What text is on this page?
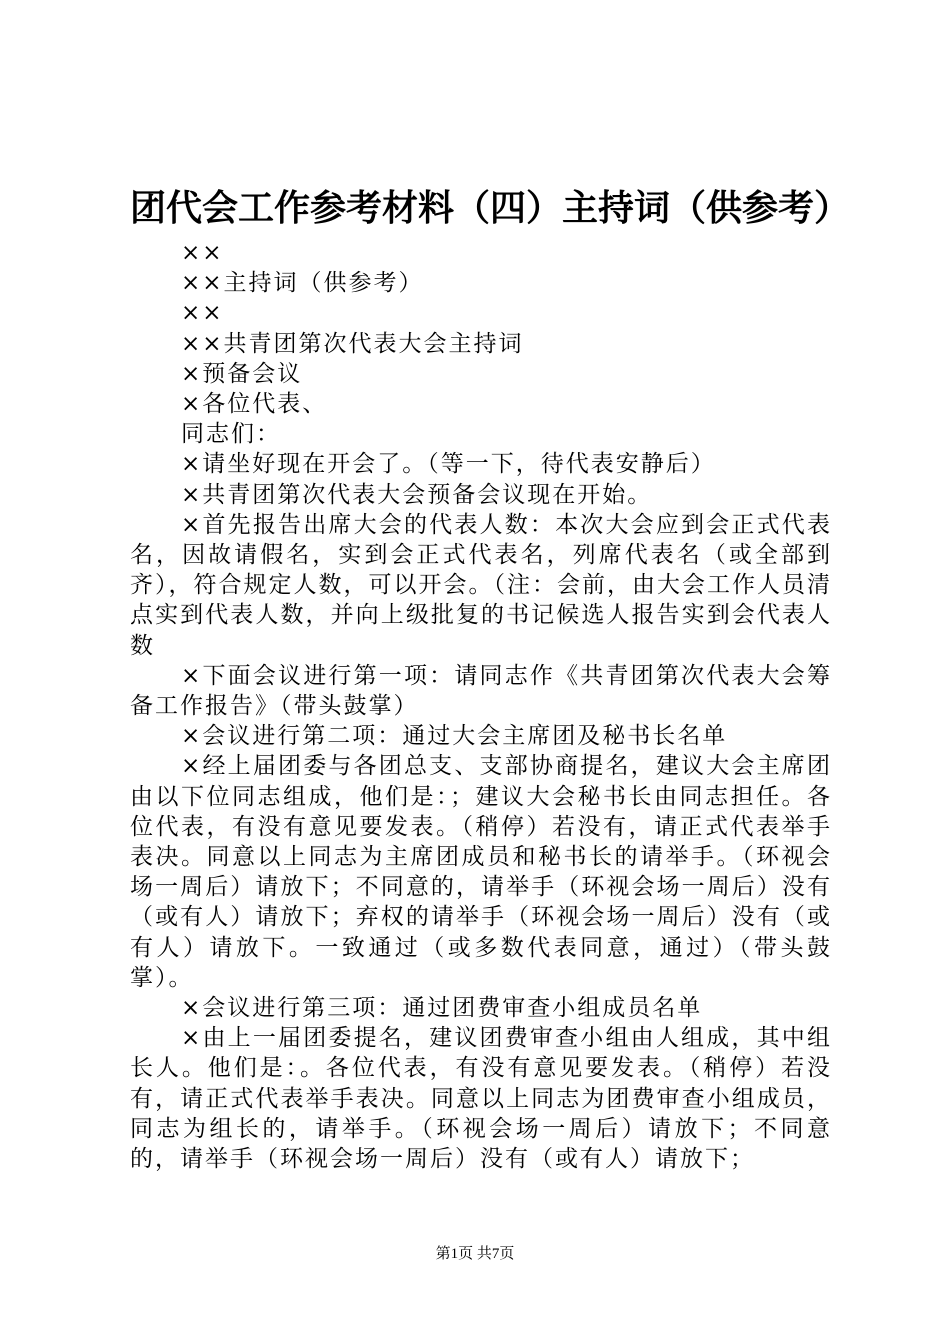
团代会工作参考材料（四）主持词（供参考）

××

××主持词（供参考）

××

××共青团第次代表大会主持词

×预备会议

×各位代表、

同志们：

×请坐好现在开会了。（等一下，待代表安静后）

×共青团第次代表大会预备会议现在开始。

×首先报告出席大会的代表人数：本次大会应到会正式代表名，因故请假名，实到会正式代表名，列席代表名（或全部到齐），符合规定人数，可以开会。（注：会前，由大会工作人员清点实到代表人数，并向上级批复的书记候选人报告实到会代表人数

×下面会议进行第一项：请同志作《共青团第次代表大会筹备工作报告》（带头鼓掌）

×会议进行第二项：通过大会主席团及秘书长名单

×经上届团委与各团总支、支部协商提名，建议大会主席团由以下位同志组成，他们是：；建议大会秘书长由同志担任。各位代表，有没有意见要发表。（稍停）若没有，请正式代表举手表决。同意以上同志为主席团成员和秘书长的请举手。（环视会场一周后）请放下；不同意的，请举手（环视会场一周后）没有（或有人）请放下；弃权的请举手（环视会场一周后）没有（或有人）请放下。一致通过（或多数代表同意，通过）（带头鼓掌）。

×会议进行第三项：通过团费审查小组成员名单

×由上一届团委提名，建议团费审查小组由人组成，其中组长人。他们是：。各位代表，有没有意见要发表。（稍停）若没有，请正式代表举手表决。同意以上同志为团费审查小组成员，同志为组长的，请举手。（环视会场一周后）请放下；不同意的，请举手（环视会场一周后）没有（或有人）请放下；

第1页 共7页
